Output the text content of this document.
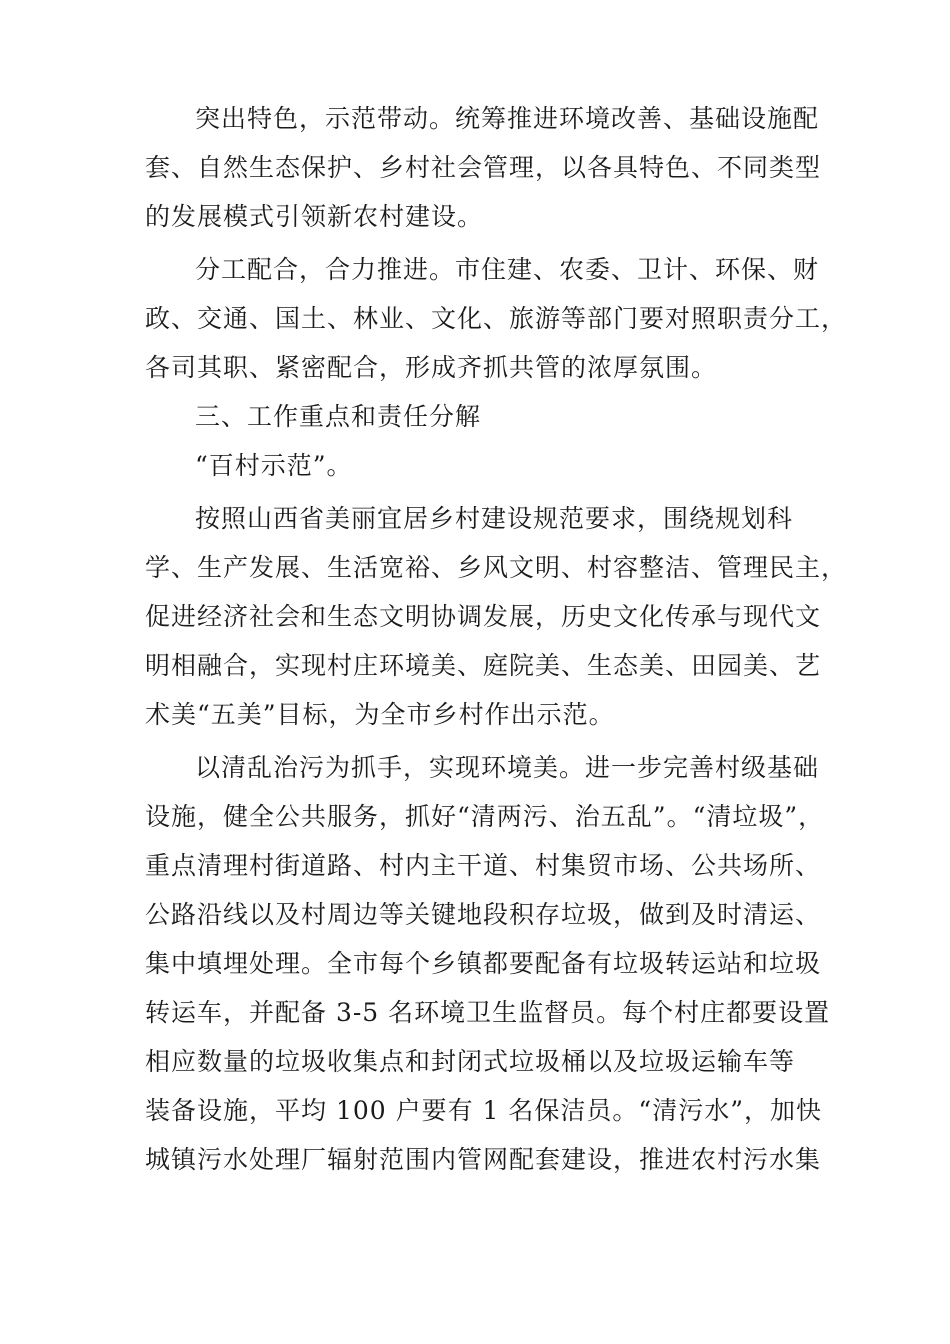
突出特色，示范带动。统筹推进环境改善、基础设施配
套、自然生态保护、乡村社会管理，以各具特色、不同类型
的发展模式引领新农村建设。
分工配合，合力推进。市住建、农委、卫计、环保、财
政、交通、国土、林业、文化、旅游等部门要对照职责分工，
各司其职、紧密配合，形成齐抓共管的浓厚氛围。
三、工作重点和责任分解
“百村示范”。
按照山西省美丽宜居乡村建设规范要求，围绕规划科
学、生产发展、生活宽裕、乡风文明、村容整洁、管理民主，
促进经济社会和生态文明协调发展，历史文化传承与现代文
明相融合，实现村庄环境美、庭院美、生态美、田园美、艺
术美“五美”目标，为全市乡村作出示范。
以清乱治污为抓手，实现环境美。进一步完善村级基础
设施，健全公共服务，抓好“清两污、治五乱”。“清垃圾”，
重点清理村街道路、村内主干道、村集贸市场、公共场所、
公路沿线以及村周边等关键地段积存垃圾，做到及时清运、
集中填埋处理。全市每个乡镇都要配备有垃圾转运站和垃圾
转运车，并配备 3-5 名环境卫生监督员。每个村庄都要设置
相应数量的垃圾收集点和封闭式垃圾桶以及垃圾运输车等
装备设施，平均 100 户要有 1 名保洁员。“清污水”，加快
城镇污水处理厂辐射范围内管网配套建设，推进农村污水集
